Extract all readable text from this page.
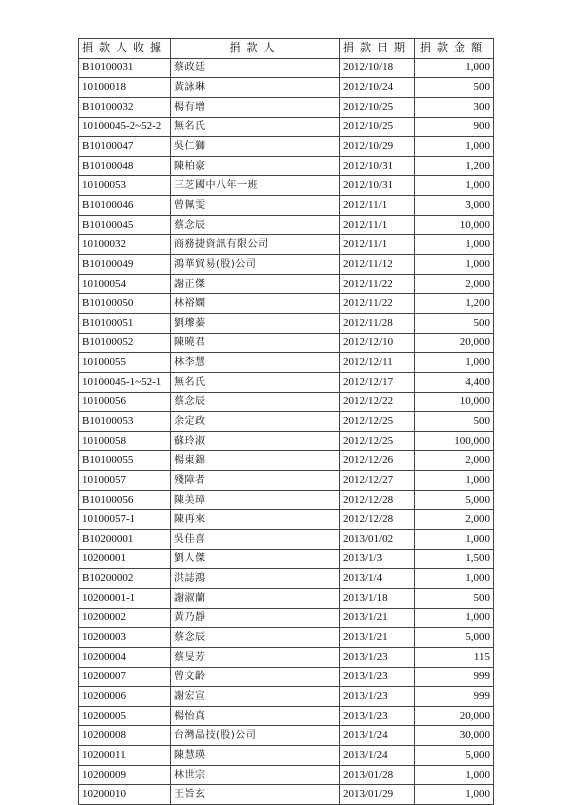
捐款人收據	捐款人	捐款日期	捐款金額
B10100031	蔡政廷	2012/10/18	1,000
10100018	黃詠琳	2012/10/24	500
B10100032	楊有增	2012/10/25	300
10100045-2~52-2	無名氏	2012/10/25	900
B10100047	吳仁獅	2012/10/29	1,000
B10100048	陳柏豪	2012/10/31	1,200
10100053	三芝國中八年一班	2012/10/31	1,000
B10100046	曾佩雯	2012/11/1	3,000
B10100045	蔡念辰	2012/11/1	10,000
10100032	商務捷資訊有限公司	2012/11/1	1,000
B10100049	鴻華貿易(股)公司	2012/11/12	1,000
10100054	謝正傑	2012/11/22	2,000
B10100050	林裕嫻	2012/11/22	1,200
B10100051	劉瓈蓁	2012/11/28	500
B10100052	陳曉君	2012/12/10	20,000
10100055	林李慧	2012/12/11	1,000
10100045-1~52-1	無名氏	2012/12/17	4,400
10100056	蔡念辰	2012/12/22	10,000
B10100053	余定政	2012/12/25	500
10100058	蘇玲淑	2012/12/25	100,000
B10100055	楊東錦	2012/12/26	2,000
10100057	殘障者	2012/12/27	1,000
B10100056	陳美璋	2012/12/28	5,000
10100057-1	陳再來	2012/12/28	2,000
B10200001	吳佳喜	2013/01/02	1,000
10200001	劉人傑	2013/1/3	1,500
B10200002	洪誌鴻	2013/1/4	1,000
10200001-1	謝淑蘭	2013/1/18	500
10200002	黃乃靜	2013/1/21	1,000
10200003	蔡念辰	2013/1/21	5,000
10200004	蔡旻芳	2013/1/23	115
10200007	曾文齡	2013/1/23	999
10200006	謝宏宣	2013/1/23	999
10200005	楊怡真	2013/1/23	20,000
10200008	台灣晶技(股)公司	2013/1/24	30,000
10200011	陳慧瑛	2013/1/24	5,000
10200009	林世宗	2013/01/28	1,000
10200010	王旨玄	2013/01/29	1,000
